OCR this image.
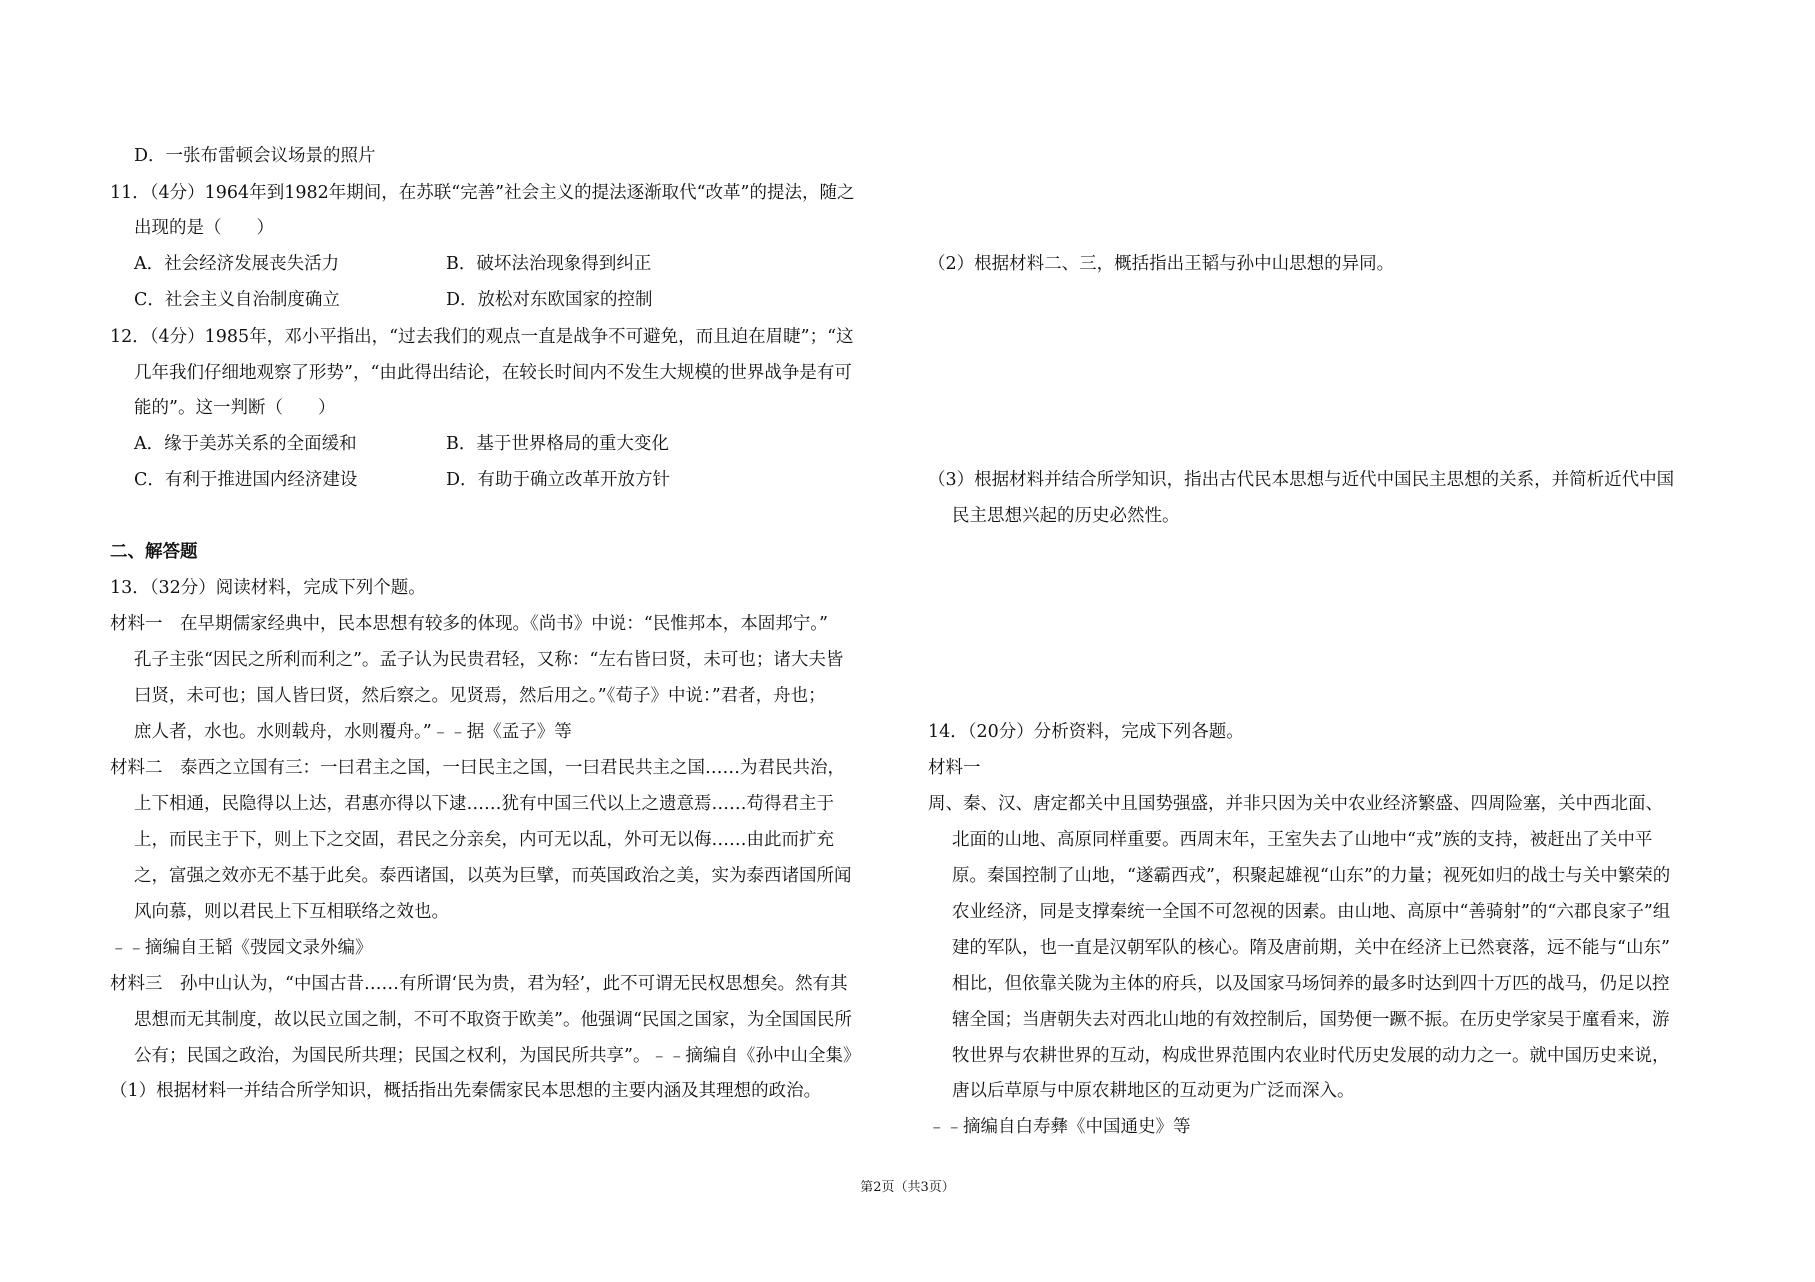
D．一张布雷顿会议场景的照片
11．（4分）1964年到1982年期间，在苏联“完善”社会主义的提法逐渐取代“改革”的提法，随之
出现的是（　　）
A．社会经济发展丧失活力	B．破坏法治现象得到纠正
C．社会主义自治制度确立	D．放松对东欧国家的控制
12．（4分）1985年，邓小平指出，“过去我们的观点一直是战争不可避免，而且迫在眉睫”；“这
几年我们仔细地观察了形势”，“由此得出结论，在较长时间内不发生大规模的世界战争是有可
能的”。这一判断（　　）
A．缘于美苏关系的全面缓和	B．基于世界格局的重大变化
C．有利于推进国内经济建设	D．有助于确立改革开放方针
二、解答题
13．（32分）阅读材料，完成下列个题。
材料一　在早期儒家经典中，民本思想有较多的体现。《尚书》中说：“民惟邦本，本固邦宁。”
孔子主张“因民之所利而利之”。孟子认为民贵君轻，又称：“左右皆曰贤，未可也；诸大夫皆
曰贤，未可也；国人皆曰贤，然后察之。见贤焉，然后用之。”《荀子》中说：”君者，舟也；
庶人者，水也。水则载舟，水则覆舟。”﹣﹣据《孟子》等
材料二　泰西之立国有三：一曰君主之国，一曰民主之国，一曰君民共主之国……为君民共治，
上下相通，民隐得以上达，君惠亦得以下逮……犹有中国三代以上之遗意焉……苟得君主于
上，而民主于下，则上下之交固，君民之分亲矣，内可无以乱，外可无以侮……由此而扩充
之，富强之效亦无不基于此矣。泰西诸国，以英为巨擘，而英国政治之美，实为泰西诸国所闻
风向慕，则以君民上下互相联络之效也。
﹣﹣摘编自王韬《弢园文录外编》
材料三　孙中山认为，“中国古昔……有所谓‘民为贵，君为轻’，此不可谓无民权思想矣。然有其
思想而无其制度，故以民立国之制，不可不取资于欧美”。他强调“民国之国家，为全国国民所
公有；民国之政治，为国民所共理；民国之权利，为国民所共享”。﹣﹣摘编自《孙中山全集》
（1）根据材料一并结合所学知识，概括指出先秦儒家民本思想的主要内涵及其理想的政治。
（2）根据材料二、三，概括指出王韬与孙中山思想的异同。
（3）根据材料并结合所学知识，指出古代民本思想与近代中国民主思想的关系，并简析近代中国
民主思想兴起的历史必然性。
14．（20分）分析资料，完成下列各题。
材料一
周、秦、汉、唐定都关中且国势强盛，并非只因为关中农业经济繁盛、四周险塞，关中西北面、
北面的山地、高原同样重要。西周末年，王室失去了山地中“戎”族的支持，被赶出了关中平
原。秦国控制了山地，“遂霸西戎”，积聚起雄视“山东”的力量；视死如归的战士与关中繁荣的
农业经济，同是支撑秦统一全国不可忽视的因素。由山地、高原中“善骑射”的“六郡良家子”组
建的军队，也一直是汉朝军队的核心。隋及唐前期，关中在经济上已然衰落，远不能与“山东”
相比，但依靠关陇为主体的府兵，以及国家马场饲养的最多时达到四十万匹的战马，仍足以控
辖全国；当唐朝失去对西北山地的有效控制后，国势便一蹶不振。在历史学家吴于廑看来，游
牧世界与农耕世界的互动，构成世界范围内农业时代历史发展的动力之一。就中国历史来说，
唐以后草原与中原农耕地区的互动更为广泛而深入。
﹣﹣摘编自白寿彝《中国通史》等
第2页（共3页）
